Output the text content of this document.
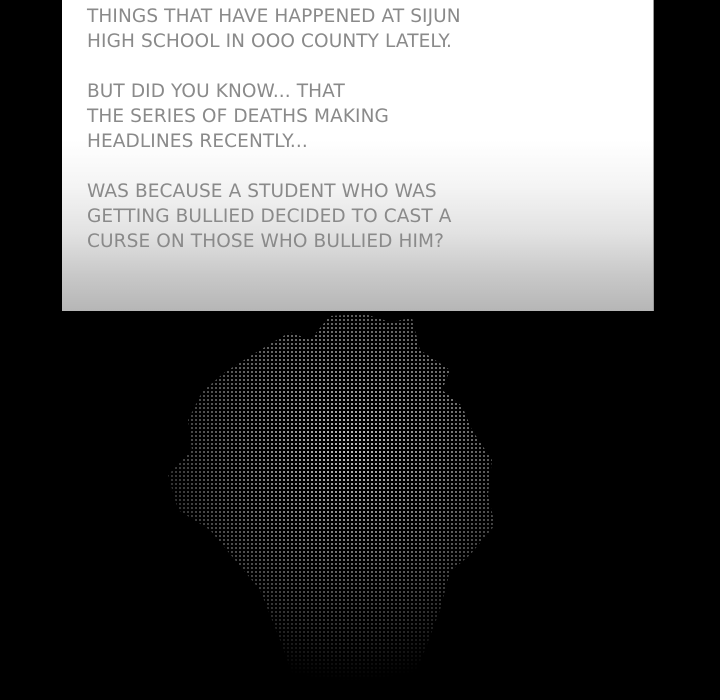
THINGS THAT HAVE HAPPENED AT SIJUN
HIGH SCHOOL IN OOO COUNTY LATELY.

BUT DID YOU KNOW... THAT
THE SERIES OF DEATHS MAKING
HEADLINES RECENTLY...

WAS BECAUSE A STUDENT WHO WAS
GETTING BULLIED DECIDED TO CAST A
CURSE ON THOSE WHO BULLIED HIM?
